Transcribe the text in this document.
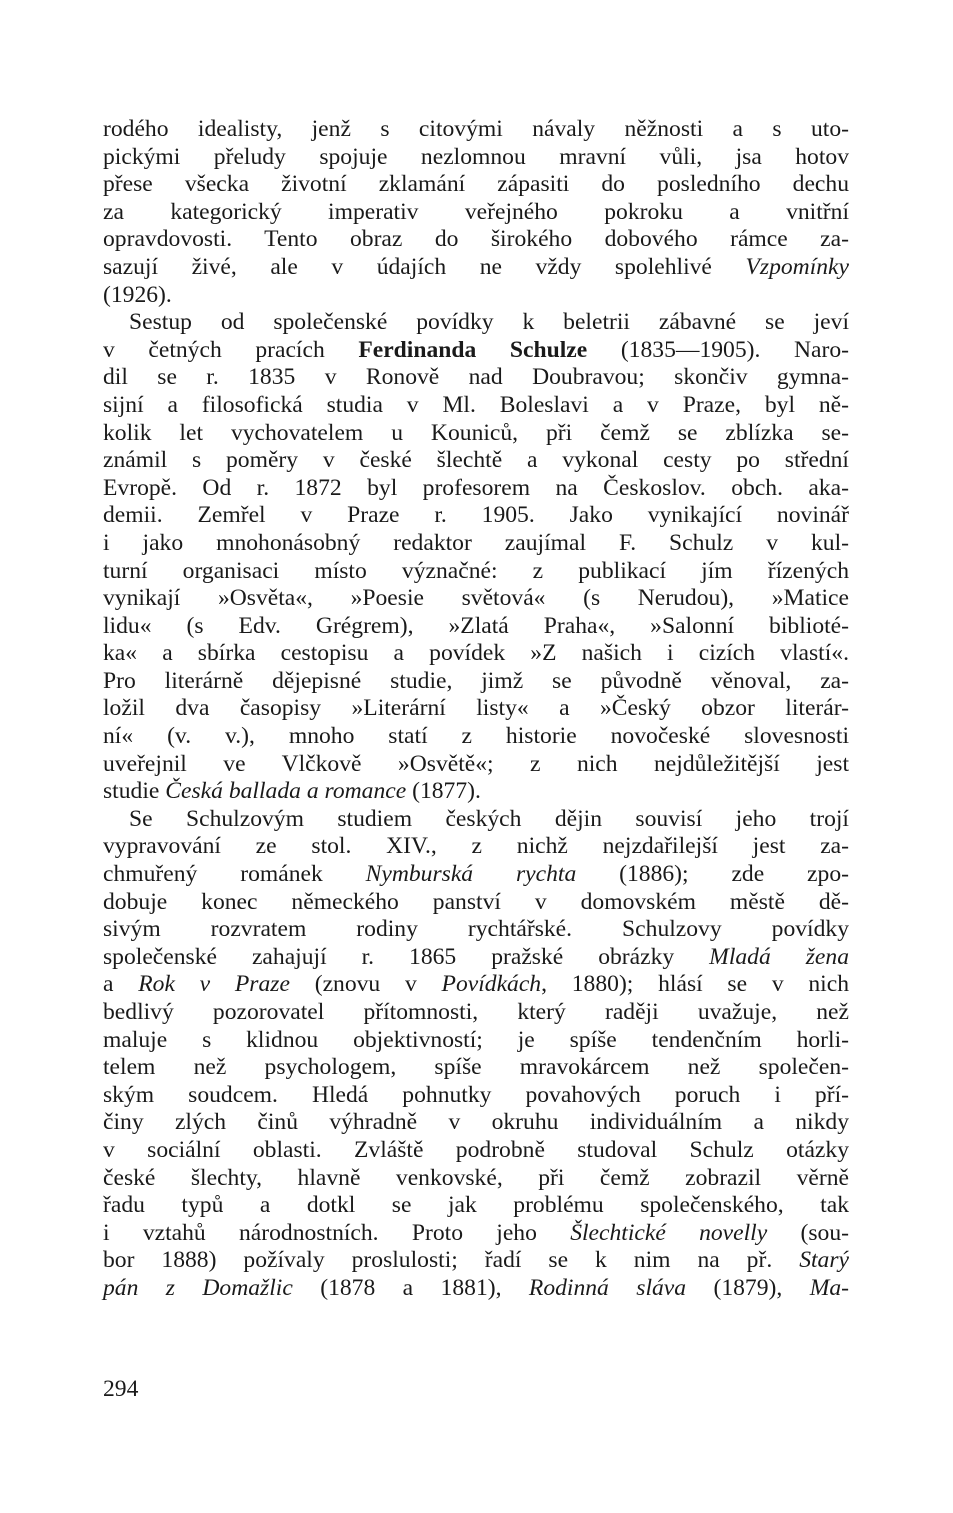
rodého idealisty, jenž s citovými návaly něžnosti a s uto-
pickými přeludy spojuje nezlomnou mravní vůli, jsa hotov
přese všecka životní zklamání zápasiti do posledního dechu
za kategorický imperativ veřejného pokroku a vnitřní
opravdovosti. Tento obraz do širokého dobového rámce za-
sazují živé, ale v údajích ne vždy spolehlivé Vzpomínky
(1926).
Sestup od společenské povídky k beletrii zábavné se jeví
v četných pracích Ferdinanda Schulze (1835—1905). Naro-
dil se r. 1835 v Ronově nad Doubravou; skončiv gymna-
sijní a filosofická studia v Ml. Boleslavi a v Praze, byl ně-
kolik let vychovatelem u Kouniců, při čemž se zblízka se-
známil s poměry v české šlechtě a vykonal cesty po střední
Evropě. Od r. 1872 byl profesorem na Českoslov. obch. aka-
demii. Zemřel v Praze r. 1905. Jako vynikající novinář
i jako mnohonásobný redaktor zaujímal F. Schulz v kul-
turní organisaci místo význačné: z publikací jím řízených
vynikají »Osvěta«, »Poesie světová« (s Nerudou), »Matice
lidu« (s Edv. Grégrem), »Zlatá Praha«, »Salonní biblioté-
ka« a sbírka cestopisu a povídek »Z našich i cizích vlastí«.
Pro literárně dějepisné studie, jimž se původně věnoval, za-
ložil dva časopisy »Literární listy« a »Český obzor literár-
ní« (v. v.), mnoho statí z historie novočeské slovesnosti
uveřejnil ve Vlčkově »Osvětě«; z nich nejdůležitější jest
studie Česká ballada a romance (1877).
Se Schulzovým studiem českých dějin souvisí jeho trojí
vypravování ze stol. XIV., z nichž nejzdařilejší jest za-
chmuřený románek Nymburská rychta (1886); zde zpo-
dobuje konec německého panství v domovském městě dě-
sivým rozvratem rodiny rychtářské. Schulzovy povídky
společenské zahajují r. 1865 pražské obrázky Mladá žena
a Rok v Praze (znovu v Povídkách, 1880); hlásí se v nich
bedlivý pozorovatel přítomnosti, který raději uvažuje, než
maluje s klidnou objektivností; je spíše tendenčním horli-
telem než psychologem, spíše mravokárcem než společen-
ským soudcem. Hledá pohnutky povahových poruch i pří-
činy zlých činů výhradně v okruhu individuálním a nikdy
v sociální oblasti. Zvláště podrobně studoval Schulz otázky
české šlechty, hlavně venkovské, při čemž zobrazil věrně
řadu typů a dotkl se jak problému společenského, tak
i vztahů národnostních. Proto jeho Šlechtické novelly (sou-
bor 1888) požívaly proslulosti; řadí se k nim na př. Starý
pán z Domažlic (1878 a 1881), Rodinná sláva (1879), Ma-
294
